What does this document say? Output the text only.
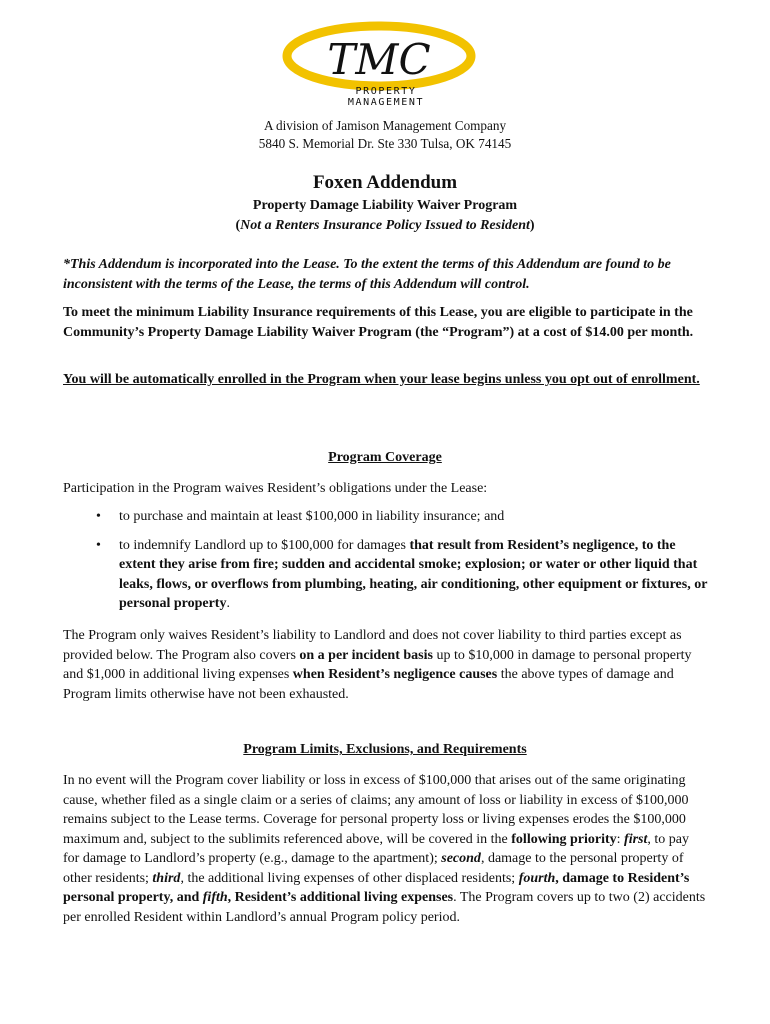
TMC
PROPERTY MANAGEMENT
A division of Jamison Management Company
5840 S. Memorial Dr. Ste 330 Tulsa, OK 74145
Foxen Addendum
Property Damage Liability Waiver Program
(Not a Renters Insurance Policy Issued to Resident)
*This Addendum is incorporated into the Lease. To the extent the terms of this Addendum are found to be inconsistent with the terms of the Lease, the terms of this Addendum will control.
To meet the minimum Liability Insurance requirements of this Lease, you are eligible to participate in the Community’s Property Damage Liability Waiver Program (the “Program”) at a cost of $14.00 per month.
You will be automatically enrolled in the Program when your lease begins unless you opt out of enrollment.
Program Coverage
Participation in the Program waives Resident’s obligations under the Lease:
• to purchase and maintain at least $100,000 in liability insurance; and
• to indemnify Landlord up to $100,000 for damages that result from Resident’s negligence, to the extent they arise from fire; sudden and accidental smoke; explosion; or water or other liquid that leaks, flows, or overflows from plumbing, heating, air conditioning, other equipment or fixtures, or personal property.
The Program only waives Resident’s liability to Landlord and does not cover liability to third parties except as provided below. The Program also covers on a per incident basis up to $10,000 in damage to personal property and $1,000 in additional living expenses when Resident’s negligence causes the above types of damage and Program limits otherwise have not been exhausted.
Program Limits, Exclusions, and Requirements
In no event will the Program cover liability or loss in excess of $100,000 that arises out of the same originating cause, whether filed as a single claim or a series of claims; any amount of loss or liability in excess of $100,000 remains subject to the Lease terms. Coverage for personal property loss or living expenses erodes the $100,000 maximum and, subject to the sublimits referenced above, will be covered in the following priority: first, to pay for damage to Landlord’s property (e.g., damage to the apartment); second, damage to the personal property of other residents; third, the additional living expenses of other displaced residents; fourth, damage to Resident’s personal property, and fifth, Resident’s additional living expenses. The Program covers up to two (2) accidents per enrolled Resident within Landlord’s annual Program policy period.
